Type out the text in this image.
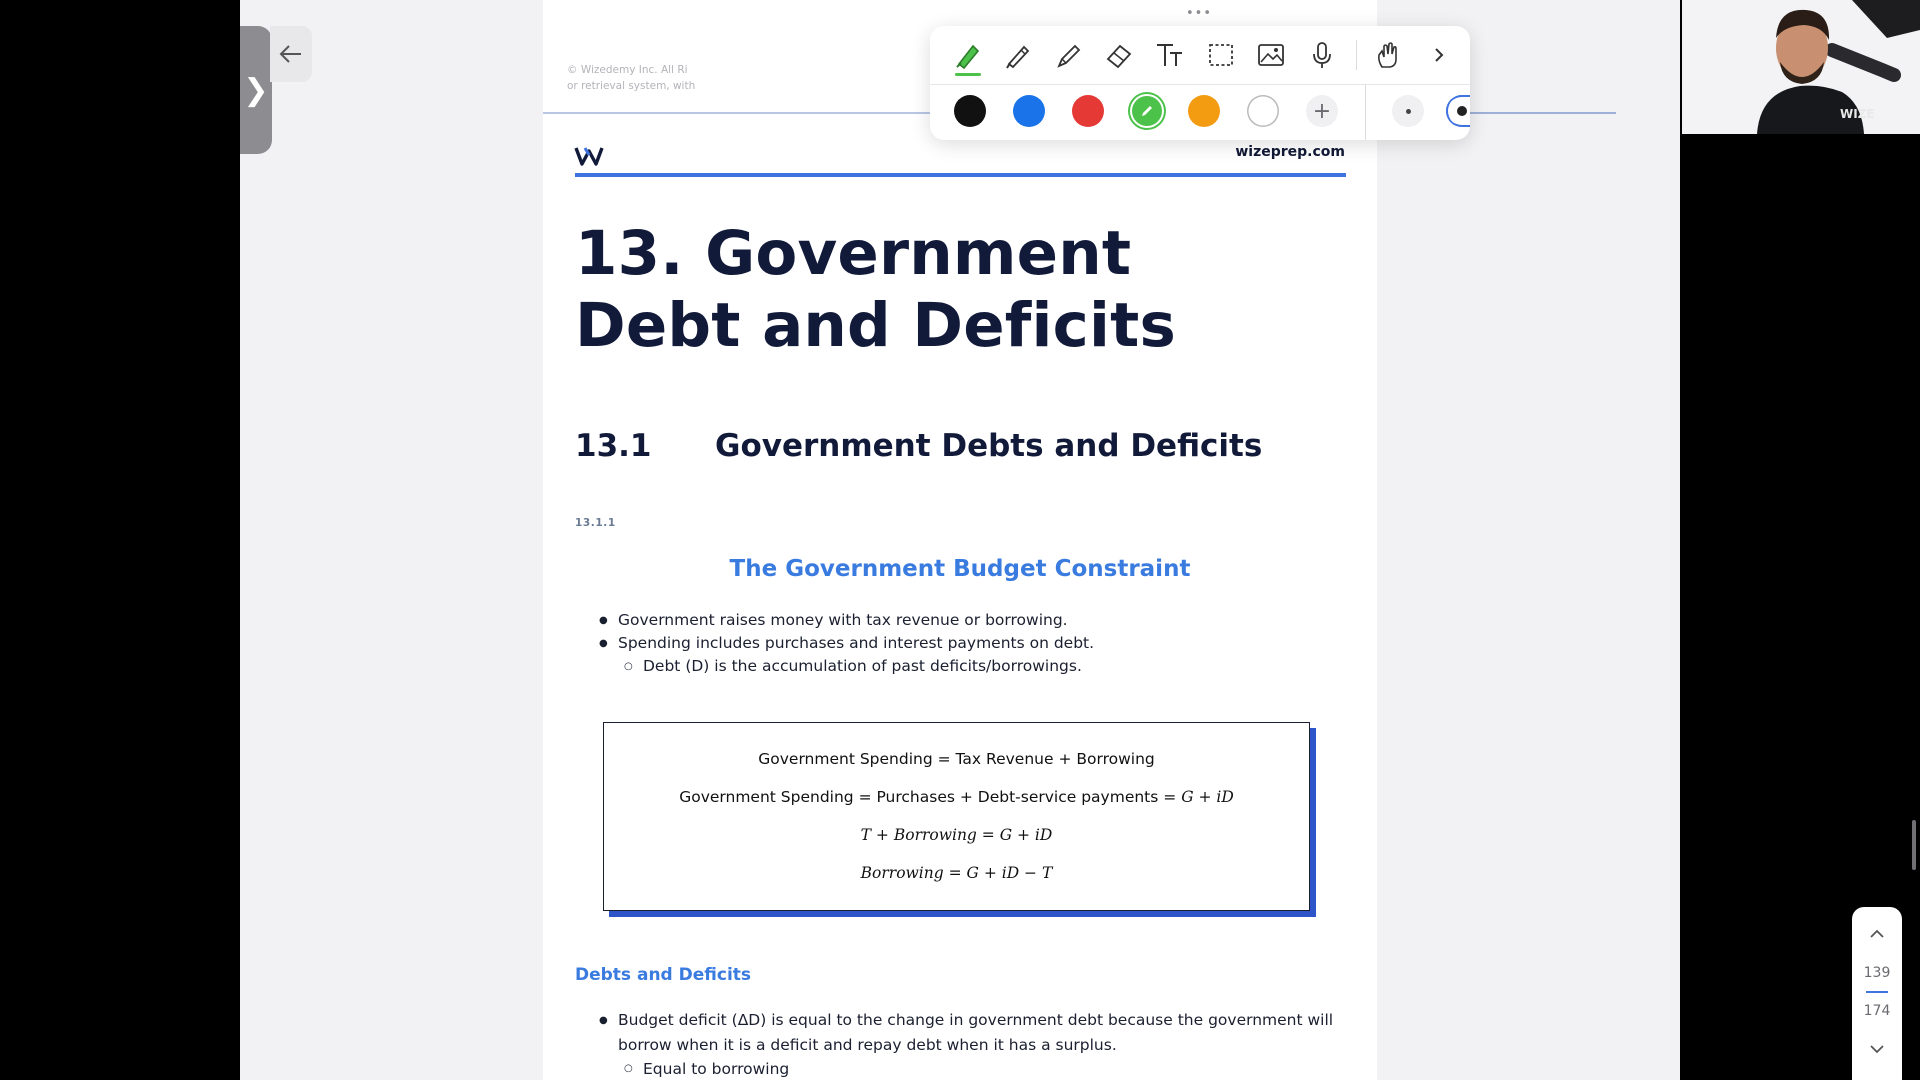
❯
© Wizedemy Inc. All Ri
or retrieval system, with
wizeprep.com
13. Government Debt and Deficits
13.1 Government Debts and Deficits
13.1.1
The Government Budget Constraint
● Government raises money with tax revenue or borrowing.
● Spending includes purchases and interest payments on debt.
○ Debt (D) is the accumulation of past deficits/borrowings.
Government Spending = Tax Revenue + Borrowing
Government Spending = Purchases + Debt-service payments = G + iD
T + Borrowing = G + iD
Borrowing = G + iD − T
Debts and Deficits
● Budget deficit (ΔD) is equal to the change in government debt because the government will borrow when it is a deficit and repay debt when it has a surplus.
○ Equal to borrowing
•••
+	WIZE
139
174
